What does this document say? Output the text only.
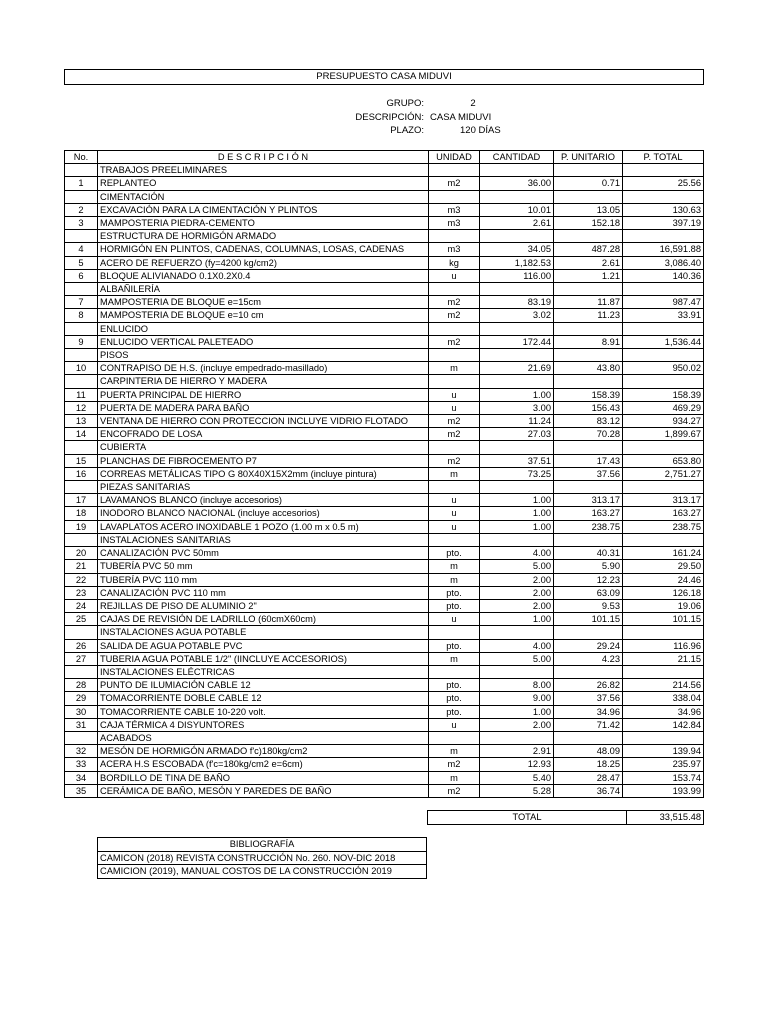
PRESUPUESTO CASA MIDUVI
GRUPO:	2
DESCRIPCIÓN: CASA MIDUVI
PLAZO:	120 DÍAS
No.	D E S C R I P C I Ó N	UNIDAD	CANTIDAD	P. UNITARIO	P. TOTAL
	TRABAJOS PREELIMINARES				
1	REPLANTEO	m2	36.00	0.71	25.56
	CIMENTACIÓN				
2	EXCAVACIÓN PARA LA CIMENTACIÓN Y PLINTOS	m3	10.01	13.05	130.63
3	MAMPOSTERIA PIEDRA-CEMENTO	m3	2.61	152.18	397.19
	ESTRUCTURA DE HORMIGÓN ARMADO				
4	HORMIGÓN EN PLINTOS, CADENAS, COLUMNAS, LOSAS, CADENAS	m3	34.05	487.28	16,591.88
5	ACERO DE REFUERZO (fy=4200 kg/cm2)	kg	1,182.53	2.61	3,086.40
6	BLOQUE ALIVIANADO 0.1X0.2X0.4	u	116.00	1.21	140.36
	ALBAÑILERÍA				
7	MAMPOSTERIA DE BLOQUE e=15cm	m2	83.19	11.87	987.47
8	MAMPOSTERIA DE BLOQUE e=10 cm	m2	3.02	11.23	33.91
	ENLUCIDO				
9	ENLUCIDO VERTICAL PALETEADO	m2	172.44	8.91	1,536.44
	PISOS				
10	CONTRAPISO DE H.S. (incluye empedrado-masillado)	m	21.69	43.80	950.02
	CARPINTERIA DE HIERRO Y MADERA				
11	PUERTA PRINCIPAL DE HIERRO	u	1.00	158.39	158.39
12	PUERTA DE MADERA PARA BAÑO	u	3.00	156.43	469.29
13	VENTANA DE HIERRO CON PROTECCION INCLUYE VIDRIO FLOTADO	m2	11.24	83.12	934.27
14	ENCOFRADO DE LOSA	m2	27.03	70.28	1,899.67
	CUBIERTA				
15	PLANCHAS DE FIBROCEMENTO P7	m2	37.51	17.43	653.80
16	CORREAS METÁLICAS TIPO G 80X40X15X2mm (incluye pintura)	m	73.25	37.56	2,751.27
	PIEZAS SANITARIAS				
17	LAVAMANOS BLANCO (incluye accesorios)	u	1.00	313.17	313.17
18	INODORO BLANCO NACIONAL (incluye accesorios)	u	1.00	163.27	163.27
19	LAVAPLATOS ACERO INOXIDABLE 1 POZO (1.00 m x 0.5 m)	u	1.00	238.75	238.75
	INSTALACIONES SANITARIAS				
20	CANALIZACIÓN PVC 50mm	pto.	4.00	40.31	161.24
21	TUBERÍA PVC 50 mm	m	5.00	5.90	29.50
22	TUBERÍA PVC 110 mm	m	2.00	12.23	24.46
23	CANALIZACIÓN PVC 110 mm	pto.	2.00	63.09	126.18
24	REJILLAS DE PISO DE ALUMINIO 2"	pto.	2.00	9.53	19.06
25	CAJAS DE REVISIÓN DE LADRILLO (60cmX60cm)	u	1.00	101.15	101.15
	INSTALACIONES AGUA POTABLE				
26	SALIDA DE AGUA POTABLE PVC	pto.	4.00	29.24	116.96
27	TUBERIA AGUA POTABLE 1/2" (IINCLUYE ACCESORIOS)	m	5.00	4.23	21.15
	INSTALACIONES ELÉCTRICAS				
28	PUNTO DE ILUMIACIÓN CABLE 12	pto.	8.00	26.82	214.56
29	TOMACORRIENTE DOBLE CABLE 12	pto.	9.00	37.56	338.04
30	TOMACORRIENTE CABLE 10-220 volt.	pto.	1.00	34.96	34.96
31	CAJA TÉRMICA 4 DISYUNTORES	u	2.00	71.42	142.84
	ACABADOS				
32	MESÓN DE HORMIGÓN ARMADO f'c)180kg/cm2	m	2.91	48.09	139.94
33	ACERA H.S ESCOBADA (f'c=180kg/cm2 e=6cm)	m2	12.93	18.25	235.97
34	BORDILLO DE TINA DE BAÑO	m	5.40	28.47	153.74
35	CERÁMICA DE BAÑO, MESÓN Y PAREDES DE BAÑO	m2	5.28	36.74	193.99
TOTAL	33,515.48
BIBLIOGRAFÍA
CAMICON (2018) REVISTA CONSTRUCCIÓN No. 260. NOV-DIC 2018
CAMICION (2019), MANUAL COSTOS DE LA CONSTRUCCIÓN 2019
